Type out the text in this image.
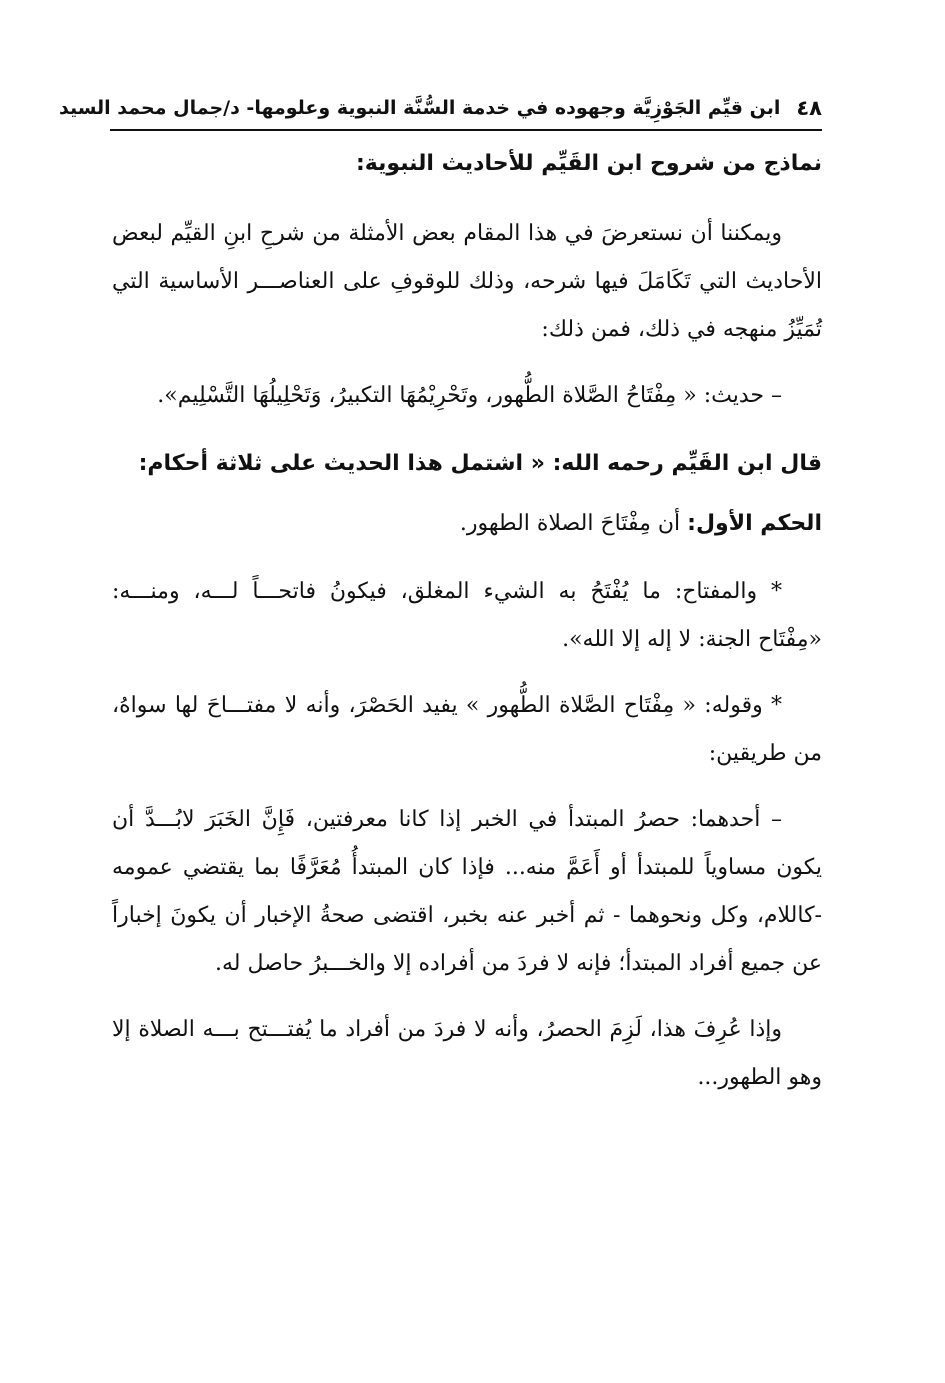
٤٨
ابن قيِّم الجَوْزِيَّة وجهوده في خدمة السُّنَّة النبوية وعلومها- د/جمال محمد السيد

نماذج من شروح ابن القَيِّم للأحاديث النبوية:

ويمكننا أن نستعرضَ في هذا المقام بعض الأمثلة من شرحِ ابنِ القيِّم لبعض الأحاديث التي تَكَامَلَ فيها شرحه، وذلك للوقوفِ على العناصـــر الأساسية التي تُمَيِّزُ منهجه في ذلك، فمن ذلك:

– حديث: « مِفْتَاحُ الصَّلاة الطُّهور، وتَحْرِيْمُهَا التكبيرُ، وَتَحْلِيلُهَا التَّسْلِيم».

قال ابن القَيِّم رحمه الله: « اشتمل هذا الحديث على ثلاثة أحكام:

الحكم الأول: أن مِفْتَاحَ الصلاة الطهور.

* والمفتاح: ما يُفْتَحُ به الشيء المغلق، فيكونُ فاتحـــاً لـــه، ومنـــه: «مِفْتَاح الجنة: لا إله إلا الله».

* وقوله: « مِفْتَاح الصَّلاة الطُّهور » يفيد الحَصْرَ، وأنه لا مفتـــاحَ لها سواهُ، من طريقين:

– أحدهما: حصرُ المبتدأ في الخبر إذا كانا معرفتين، فَإِنَّ الخَبَرَ لابُـــدَّ أن يكون مساوياً للمبتدأ أو أَعَمَّ منه... فإذا كان المبتدأُ مُعَرَّفًا بما يقتضي عمومه -كاللام، وكل ونحوهما - ثم أخبر عنه بخبر، اقتضى صحةُ الإخبار أن يكونَ إخباراً عن جميع أفراد المبتدأ؛ فإنه لا فردَ من أفراده إلا والخـــبرُ حاصل له.

وإذا عُرِفَ هذا، لَزِمَ الحصرُ، وأنه لا فردَ من أفراد ما يُفتـــتح بـــه الصلاة إلا وهو الطهور...
